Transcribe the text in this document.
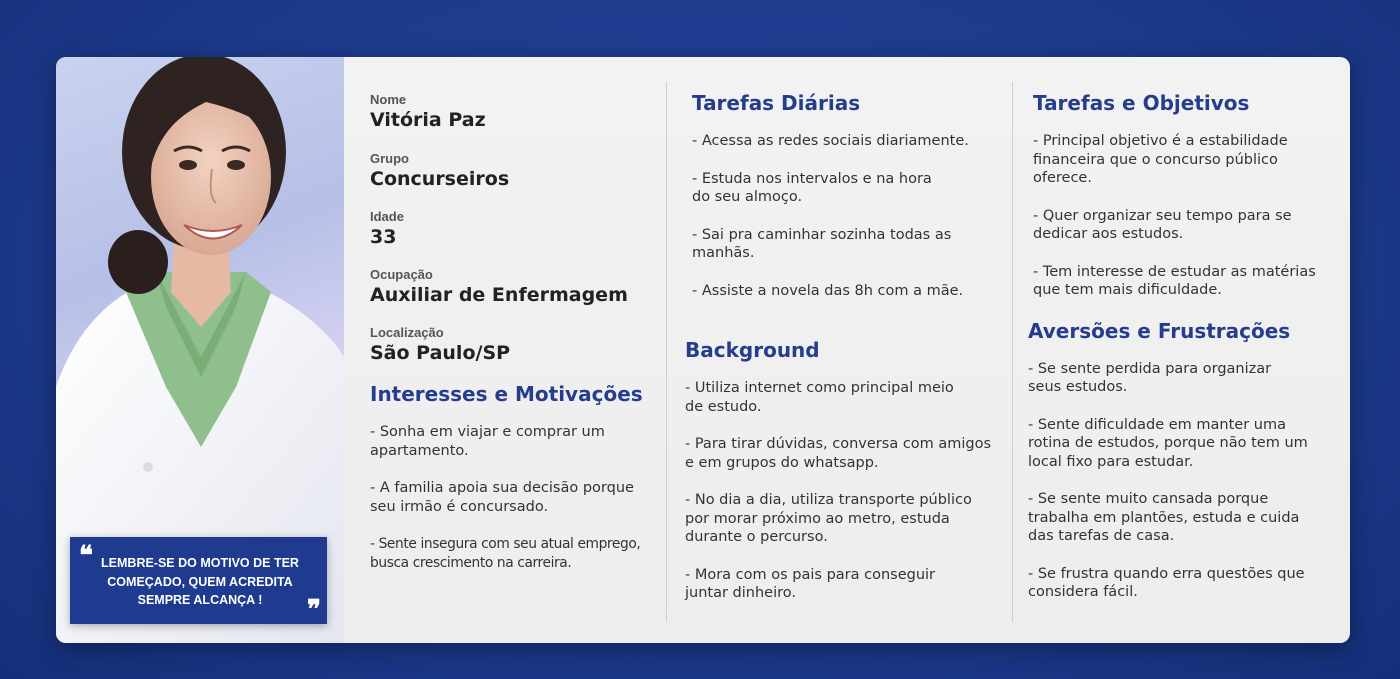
❝ LEMBRE-SE DO MOTIVO DE TER COMEÇADO, QUEM ACREDITA SEMPRE ALCANÇA !	❞

Nome

Vitória Paz

Grupo

Concurseiros

Idade

33

Ocupação

Auxiliar de Enfermagem

Localização

São Paulo/SP

Interesses e Motivações

- Sonha em viajar e comprar um
apartamento.

- A familia apoia sua decisão porque
seu irmão é concursado.

- Sente insegura com seu atual emprego,
busca crescimento na carreira.

Tarefas Diárias

- Acessa as redes sociais diariamente.

- Estuda nos intervalos e na hora
do seu almoço.

- Sai pra caminhar sozinha todas as
manhãs.

- Assiste a novela das 8h com a mãe.

Background

- Utiliza internet como principal meio
de estudo.

- Para tirar dúvidas, conversa com amigos
e em grupos do whatsapp.

- No dia a dia, utiliza transporte público
por morar próximo ao metro, estuda
durante o percurso.

- Mora com os pais para conseguir
juntar dinheiro.

Tarefas e Objetivos

- Principal objetivo é a estabilidade
financeira que o concurso público
oferece.

- Quer organizar seu tempo para se
dedicar aos estudos.

- Tem interesse de estudar as matérias
que tem mais dificuldade.

Aversões e Frustrações

- Se sente perdida para organizar
seus estudos.

- Sente dificuldade em manter uma
rotina de estudos, porque não tem um
local fixo para estudar.

- Se sente muito cansada porque
trabalha em plantões, estuda e cuida
das tarefas de casa.

- Se frustra quando erra questões que
considera fácil.
